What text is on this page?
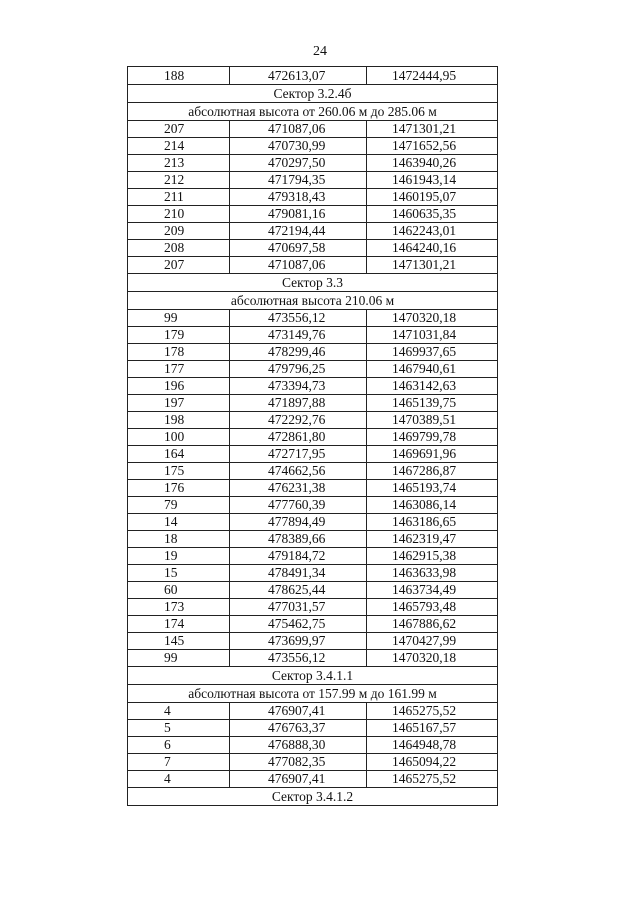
24
188	472613,07	1472444,95
Сектор 3.2.4б		
абсолютная высота от 260.06 м до 285.06 м		
207	471087,06	1471301,21
214	470730,99	1471652,56
213	470297,50	1463940,26
212	471794,35	1461943,14
211	479318,43	1460195,07
210	479081,16	1460635,35
209	472194,44	1462243,01
208	470697,58	1464240,16
207	471087,06	1471301,21
Сектор 3.3		
абсолютная высота 210.06 м		
99	473556,12	1470320,18
179	473149,76	1471031,84
178	478299,46	1469937,65
177	479796,25	1467940,61
196	473394,73	1463142,63
197	471897,88	1465139,75
198	472292,76	1470389,51
100	472861,80	1469799,78
164	472717,95	1469691,96
175	474662,56	1467286,87
176	476231,38	1465193,74
79	477760,39	1463086,14
14	477894,49	1463186,65
18	478389,66	1462319,47
19	479184,72	1462915,38
15	478491,34	1463633,98
60	478625,44	1463734,49
173	477031,57	1465793,48
174	475462,75	1467886,62
145	473699,97	1470427,99
99	473556,12	1470320,18
Сектор 3.4.1.1		
абсолютная высота от 157.99 м до 161.99 м		
4	476907,41	1465275,52
5	476763,37	1465167,57
6	476888,30	1464948,78
7	477082,35	1465094,22
4	476907,41	1465275,52
Сектор 3.4.1.2		
